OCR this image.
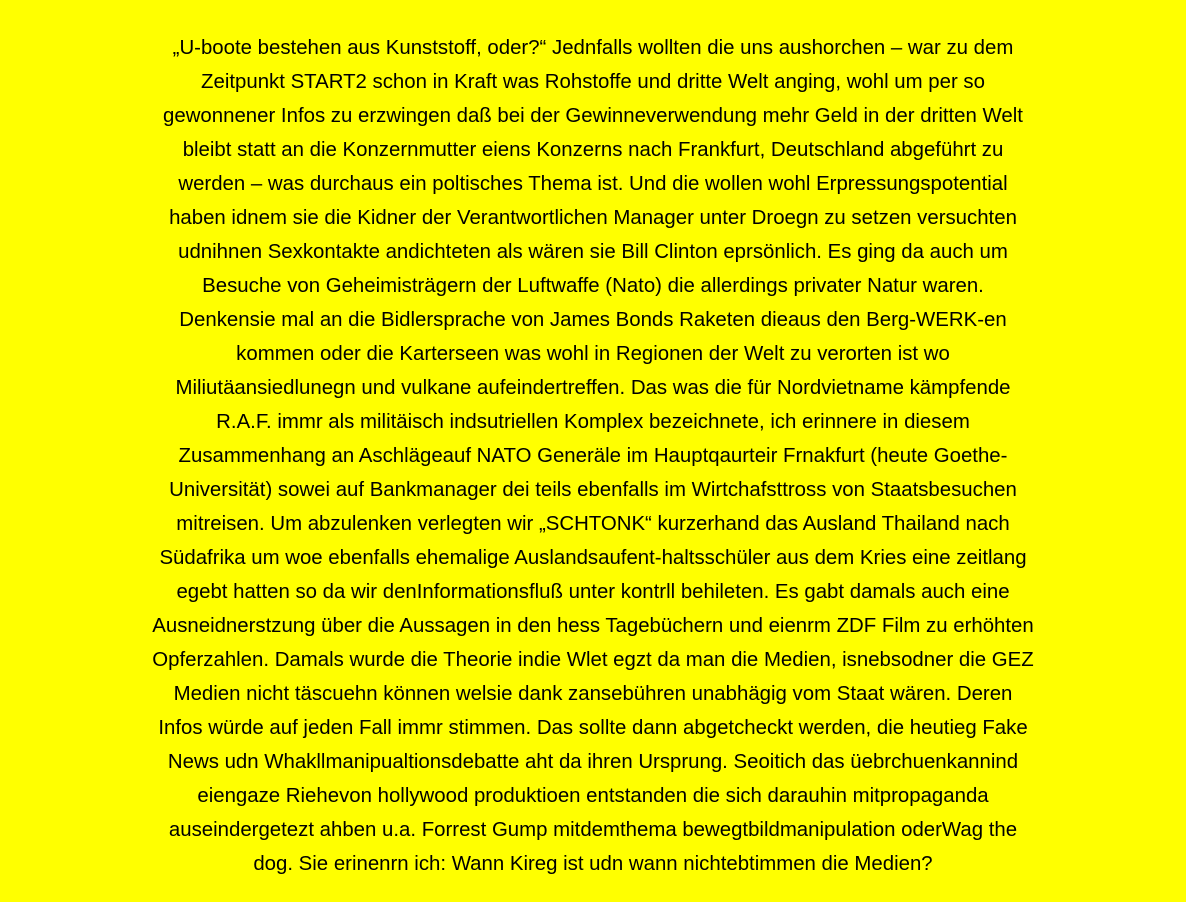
„U-boote bestehen aus Kunststoff, oder?“ Jednfalls wollten die uns aushorchen – war zu dem
Zeitpunkt START2 schon in Kraft was Rohstoffe und dritte Welt anging, wohl um per so
gewonnener Infos zu erzwingen daß bei der Gewinneverwendung mehr Geld in der dritten Welt
bleibt statt an die Konzernmutter eiens Konzerns nach Frankfurt, Deutschland abgeführt zu
werden – was durchaus ein poltisches Thema ist. Und die wollen wohl Erpressungspotential
haben idnem sie die Kidner der Verantwortlichen Manager unter Droegn zu setzen versuchten
udnihnen Sexkontakte andichteten als wären sie Bill Clinton eprsönlich. Es ging da auch um
Besuche von Geheimisträgern der Luftwaffe (Nato) die allerdings privater Natur waren.
Denkensie mal an die Bidlersprache von James Bonds Raketen dieaus den Berg-WERK-en
kommen oder die Karterseen was wohl in Regionen der Welt zu verorten ist wo
Miliutäansiedlunegn und vulkane aufeindertreffen. Das was die für Nordvietname kämpfende
R.A.F. immr als militäisch indsutriellen Komplex bezeichnete, ich erinnere in diesem
Zusammenhang an Aschlägeauf NATO Generäle im Hauptqaurteir Frnakfurt (heute Goethe-
Universität) sowei auf Bankmanager dei teils ebenfalls im Wirtchafsttross von Staatsbesuchen
mitreisen. Um abzulenken verlegten wir „SCHTONK“ kurzerhand das Ausland Thailand nach
Südafrika um woe ebenfalls ehemalige Auslandsaufent-haltsschüler aus dem Kries eine zeitlang
egebt hatten so da wir denInformationsfluß unter kontrll behileten. Es gabt damals auch eine
Ausneidnerstzung über die Aussagen in den hess Tagebüchern und eienrm ZDF Film zu erhöhten
Opferzahlen. Damals wurde die Theorie indie Wlet egzt da man die Medien, isnebsodner die GEZ
Medien nicht täscuehn können welsie dank zansebühren unabhägig vom Staat wären. Deren
Infos würde auf jeden Fall immr stimmen. Das sollte dann abgetcheckt werden, die heutieg Fake
News udn Whakllmanipualtionsdebatte aht da ihren Ursprung. Seoitich das üebrchuenkannind
eiengaze Riehevon hollywood produktioen entstanden die sich darauhin mitpropaganda
auseindergetezt ahben u.a. Forrest Gump mitdemthema bewegtbildmanipulation oderWag the
dog. Sie erinenrn ich: Wann Kireg ist udn wann nichtebtimmen die Medien?
